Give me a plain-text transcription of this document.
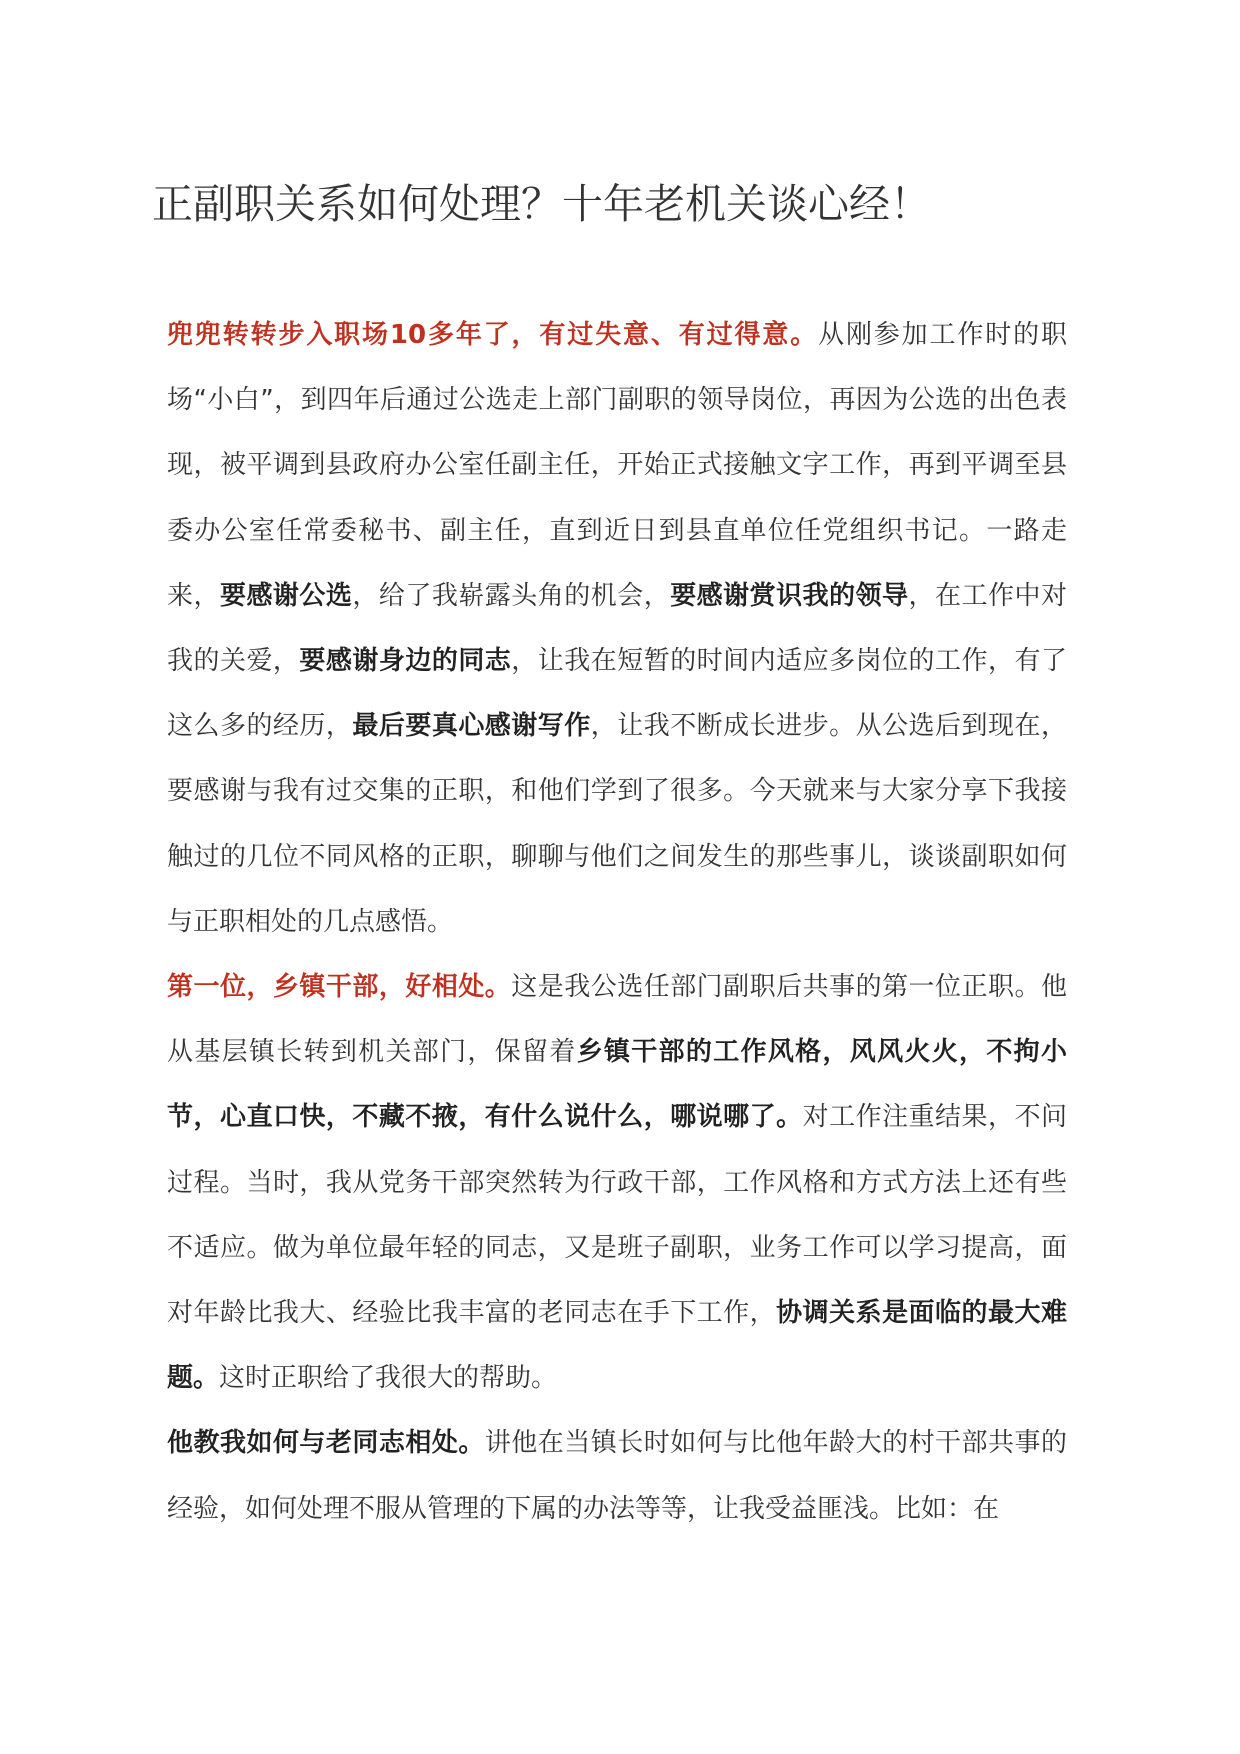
正副职关系如何处理？十年老机关谈心经！

兜兜转转步入职场10多年了，有过失意、有过得意。从刚参加工作时的职场“小白”，到四年后通过公选走上部门副职的领导岗位，再因为公选的出色表现，被平调到县政府办公室任副主任，开始正式接触文字工作，再到平调至县委办公室任常委秘书、副主任，直到近日到县直单位任党组织书记。一路走来，要感谢公选，给了我崭露头角的机会，要感谢赏识我的领导，在工作中对我的关爱，要感谢身边的同志，让我在短暂的时间内适应多岗位的工作，有了这么多的经历，最后要真心感谢写作，让我不断成长进步。从公选后到现在，要感谢与我有过交集的正职，和他们学到了很多。今天就来与大家分享下我接触过的几位不同风格的正职，聊聊与他们之间发生的那些事儿，谈谈副职如何与正职相处的几点感悟。

第一位，乡镇干部，好相处。这是我公选任部门副职后共事的第一位正职。他从基层镇长转到机关部门，保留着乡镇干部的工作风格，风风火火，不拘小节，心直口快，不藏不掖，有什么说什么，哪说哪了。对工作注重结果，不问过程。当时，我从党务干部突然转为行政干部，工作风格和方式方法上还有些不适应。做为单位最年轻的同志，又是班子副职，业务工作可以学习提高，面对年龄比我大、经验比我丰富的老同志在手下工作，协调关系是面临的最大难题。这时正职给了我很大的帮助。

他教我如何与老同志相处。讲他在当镇长时如何与比他年龄大的村干部共事的经验，如何处理不服从管理的下属的办法等等，让我受益匪浅。比如：在
